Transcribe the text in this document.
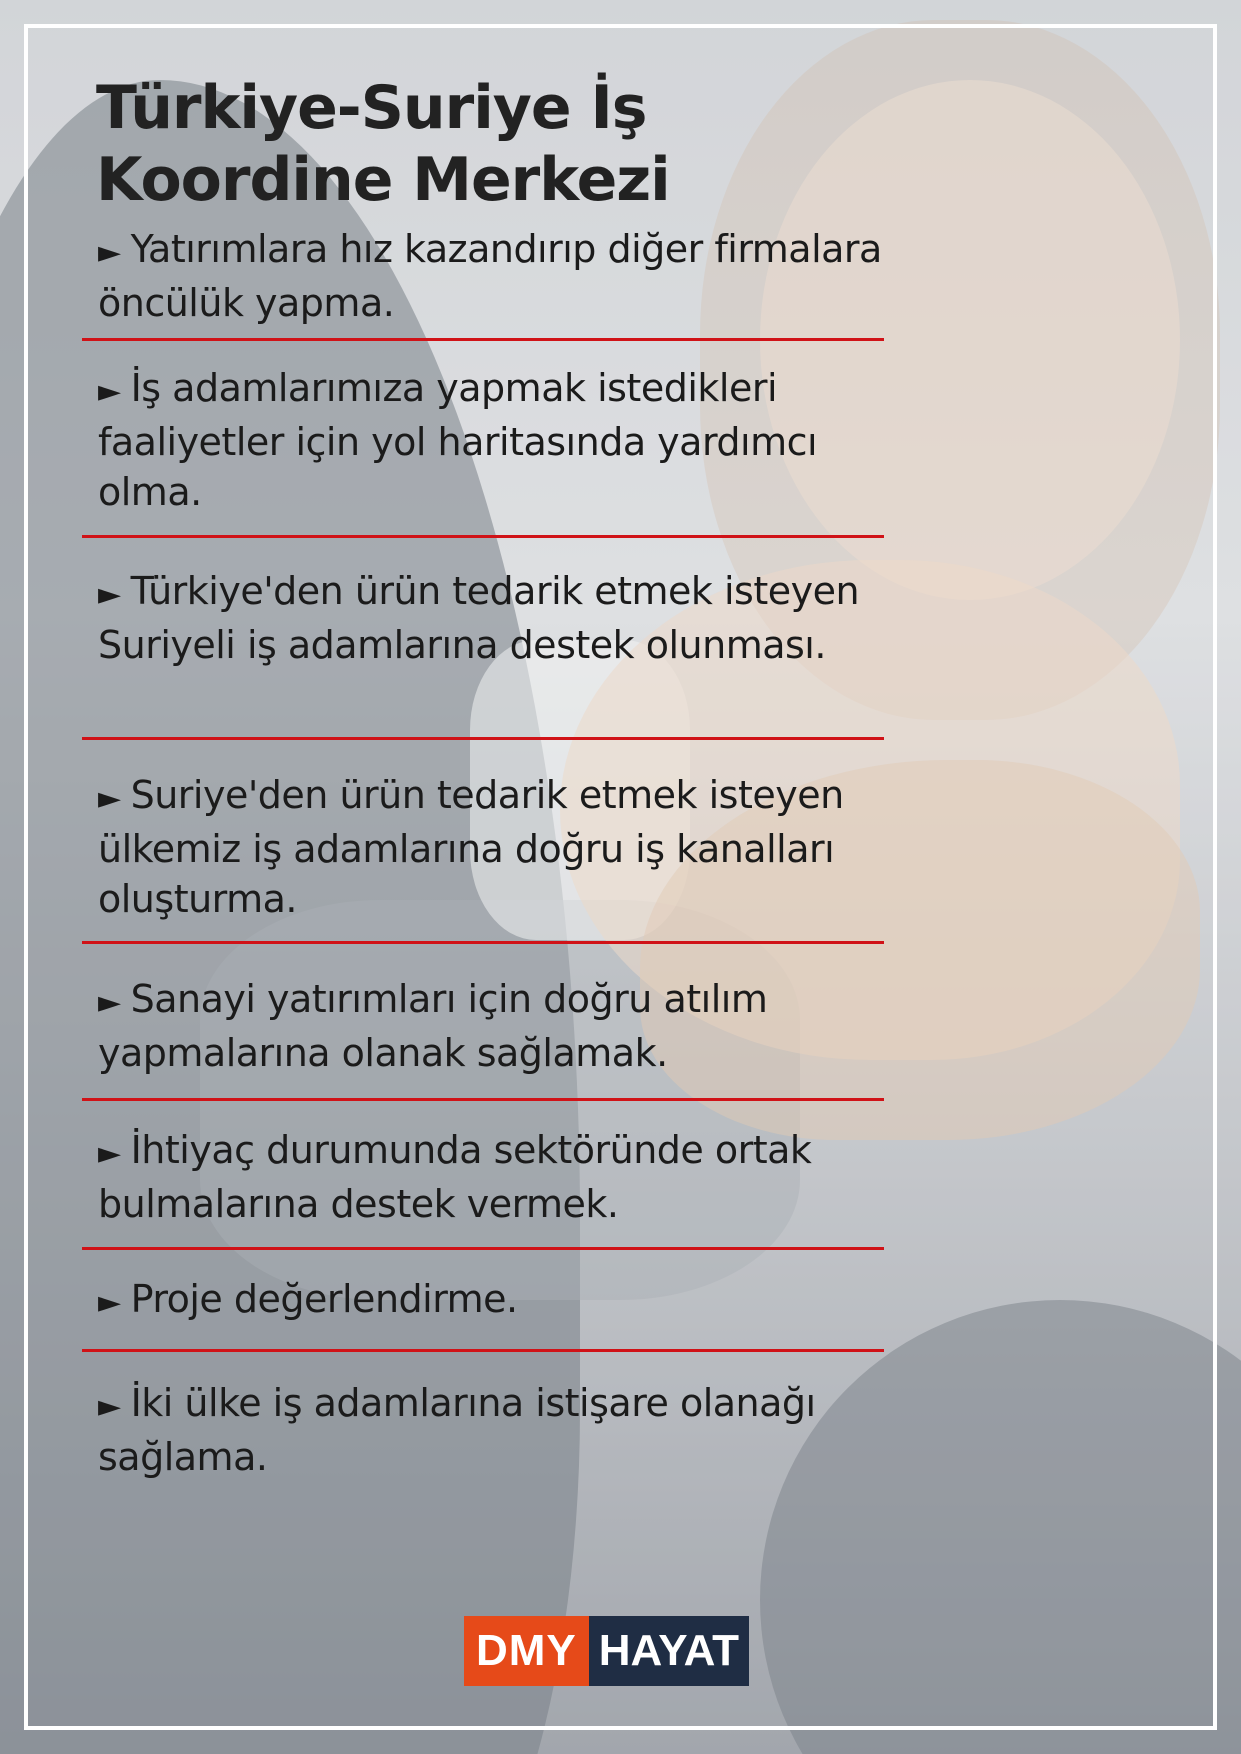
Türkiye-Suriye İş Koordine Merkezi
► Yatırımlara hız kazandırıp diğer firmalara öncülük yapma.
► İş adamlarımıza yapmak istedikleri faaliyetler için yol haritasında yardımcı olma.
► Türkiye'den ürün tedarik etmek isteyen Suriyeli iş adamlarına destek olunması.
► Suriye'den ürün tedarik etmek isteyen ülkemiz iş adamlarına doğru iş kanalları oluşturma.
► Sanayi yatırımları için doğru atılım yapmalarına olanak sağlamak.
► İhtiyaç durumunda sektöründe ortak bulmalarına destek vermek.
► Proje değerlendirme.
► İki ülke iş adamlarına istişare olanağı sağlama.
DMY HAYAT
